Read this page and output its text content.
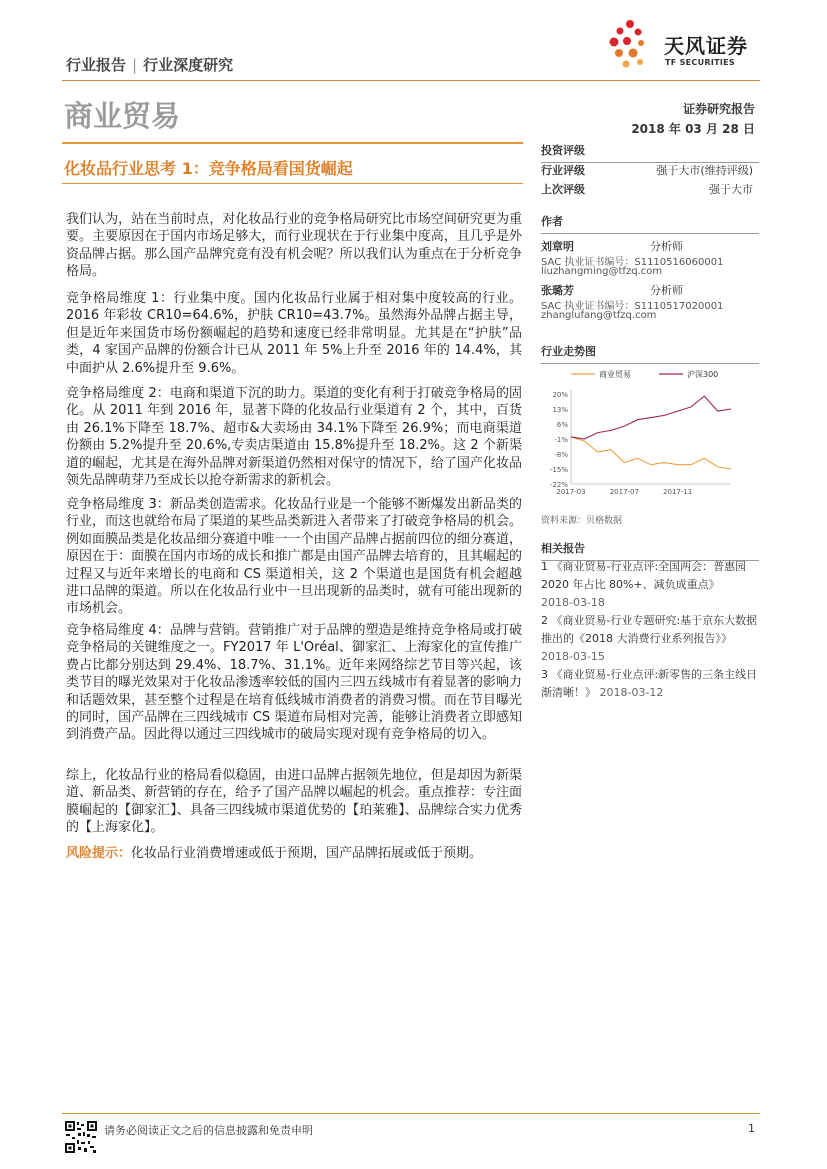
天风证券
TF SECURITIES
行业报告 | 行业深度研究
商业贸易	证券研究报告
2018 年 03 月 28 日
化妆品行业思考 1：竞争格局看国货崛起
投资评级
行业评级	强于大市(维持评级)
上次评级	强于大市
作者
刘章明	分析师
SAC 执业证书编号：S1110516060001
liuzhangming@tfzq.com
张璐芳	分析师
SAC 执业证书编号：S1110517020001
zhanglufang@tfzq.com
行业走势图
20%
13%
6%
-1%
-8%
-15%
-22%
2017-03	2017-07	2017-11
商业贸易	沪深300
资料来源：贝格数据
相关报告
1 《商业贸易-行业点评:全国两会：普惠园 2020 年占比 80%+、减负成重点》
2018-03-18
2 《商业贸易-行业专题研究:基于京东大数据推出的《2018 大消费行业系列报告》》 2018-03-15
3 《商业贸易-行业点评:新零售的三条主线日渐清晰！》 2018-03-12
我们认为，站在当前时点，对化妆品行业的竞争格局研究比市场空间研究更为重要。主要原因在于国内市场足够大，而行业现状在于行业集中度高，且几乎是外资品牌占据。那么国产品牌究竟有没有机会呢？所以我们认为重点在于分析竞争格局。
竞争格局维度 1：行业集中度。国内化妆品行业属于相对集中度较高的行业。2016 年彩妆 CR10=64.6%，护肤 CR10=43.7%。虽然海外品牌占据主导，但是近年来国货市场份额崛起的趋势和速度已经非常明显。尤其是在“护肤”品类，4 家国产品牌的份额合计已从 2011 年 5%上升至 2016 年的 14.4%，其中面护从 2.6%提升至 9.6%。
竞争格局维度 2：电商和渠道下沉的助力。渠道的变化有利于打破竞争格局的固化。从 2011 年到 2016 年，显著下降的化妆品行业渠道有 2 个，其中，百货由 26.1%下降至 18.7%、超市&大卖场由 34.1%下降至 26.9%；而电商渠道份额由 5.2%提升至 20.6%,专卖店渠道由 15.8%提升至 18.2%。这 2 个新渠道的崛起，尤其是在海外品牌对新渠道仍然相对保守的情况下，给了国产化妆品领先品牌萌芽乃至成长以抢夺新需求的新机会。
竞争格局维度 3：新品类创造需求。化妆品行业是一个能够不断爆发出新品类的行业，而这也就给布局了渠道的某些品类新进入者带来了打破竞争格局的机会。例如面膜品类是化妆品细分赛道中唯一一个由国产品牌占据前四位的细分赛道，原因在于：面膜在国内市场的成长和推广都是由国产品牌去培育的，且其崛起的过程又与近年来增长的电商和 CS 渠道相关，这 2 个渠道也是国货有机会超越进口品牌的渠道。所以在化妆品行业中一旦出现新的品类时，就有可能出现新的市场机会。
竞争格局维度 4：品牌与营销。营销推广对于品牌的塑造是维持竞争格局或打破竞争格局的关键维度之一。FY2017 年 L'Oréal、御家汇、上海家化的宣传推广费占比都分别达到 29.4%、18.7%、31.1%。近年来网络综艺节目等兴起，该类节目的曝光效果对于化妆品渗透率较低的国内三四五线城市有着显著的影响力和话题效果，甚至整个过程是在培育低线城市消费者的消费习惯。而在节目曝光的同时，国产品牌在三四线城市 CS 渠道布局相对完善，能够让消费者立即感知到消费产品。因此得以通过三四线城市的破局实现对现有竞争格局的切入。
综上，化妆品行业的格局看似稳固，由进口品牌占据领先地位，但是却因为新渠道、新品类、新营销的存在，给予了国产品牌以崛起的机会。重点推荐：专注面膜崛起的【御家汇】、具备三四线城市渠道优势的【珀莱雅】、品牌综合实力优秀的【上海家化】。
风险提示：化妆品行业消费增速或低于预期，国产品牌拓展或低于预期。
请务必阅读正文之后的信息披露和免责申明	1
